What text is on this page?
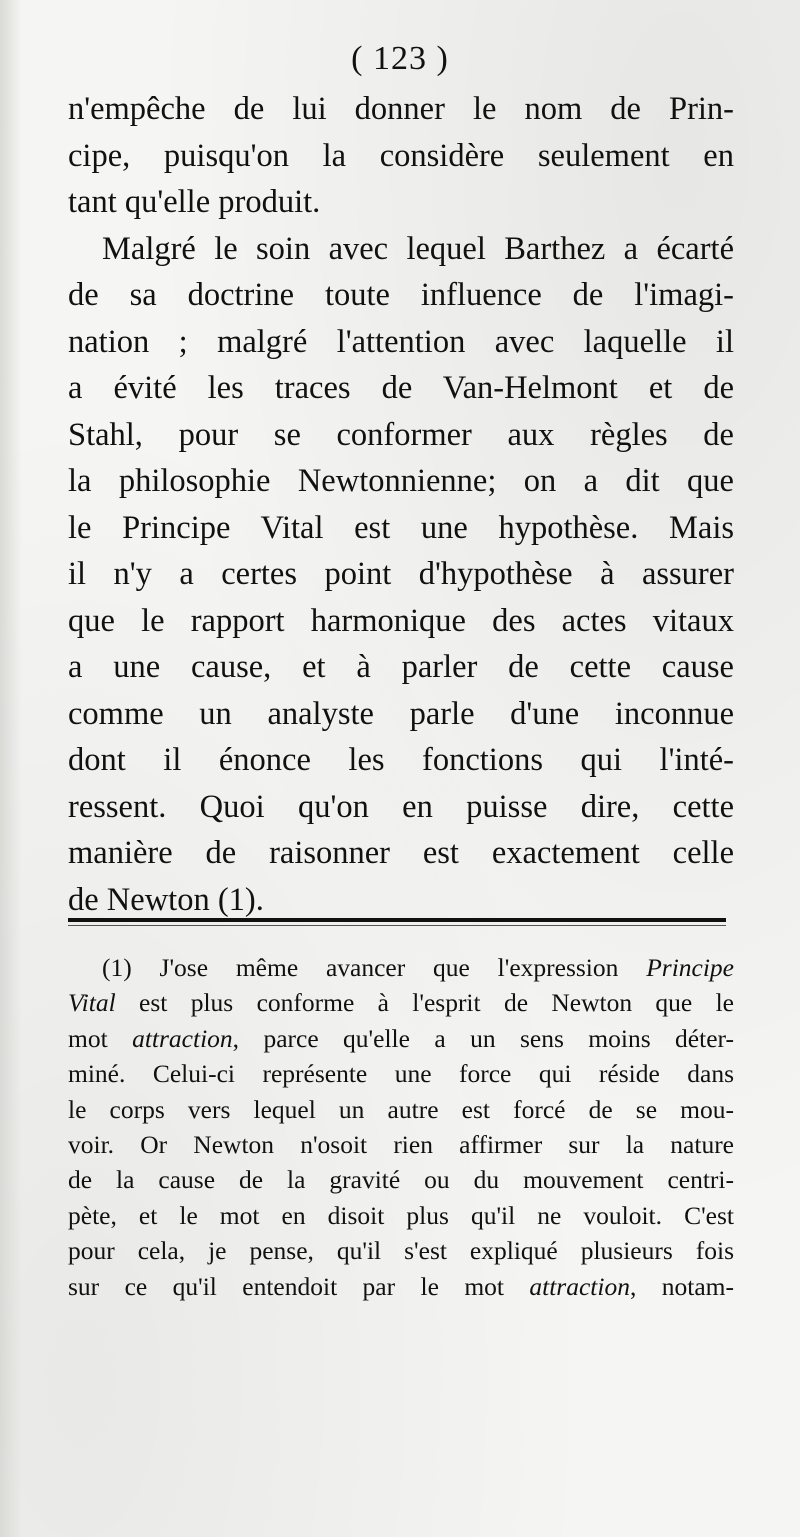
( 123 )
n'empêche de lui donner le nom de Prin-
cipe, puisqu'on la considère seulement en
tant qu'elle produit.
Malgré le soin avec lequel Barthez a écarté
de sa doctrine toute influence de l'imagi-
nation ; malgré l'attention avec laquelle il
a évité les traces de Van-Helmont et de
Stahl, pour se conformer aux règles de
la philosophie Newtonnienne; on a dit que
le Principe Vital est une hypothèse. Mais
il n'y a certes point d'hypothèse à assurer
que le rapport harmonique des actes vitaux
a une cause, et à parler de cette cause
comme un analyste parle d'une inconnue
dont il énonce les fonctions qui l'inté-
ressent. Quoi qu'on en puisse dire, cette
manière de raisonner est exactement celle
de Newton (1).
(1) J'ose même avancer que l'expression Principe
Vital est plus conforme à l'esprit de Newton que le
mot attraction, parce qu'elle a un sens moins déter-
miné. Celui-ci représente une force qui réside dans
le corps vers lequel un autre est forcé de se mou-
voir. Or Newton n'osoit rien affirmer sur la nature
de la cause de la gravité ou du mouvement centri-
pète, et le mot en disoit plus qu'il ne vouloit. C'est
pour cela, je pense, qu'il s'est expliqué plusieurs fois
sur ce qu'il entendoit par le mot attraction, notam-
